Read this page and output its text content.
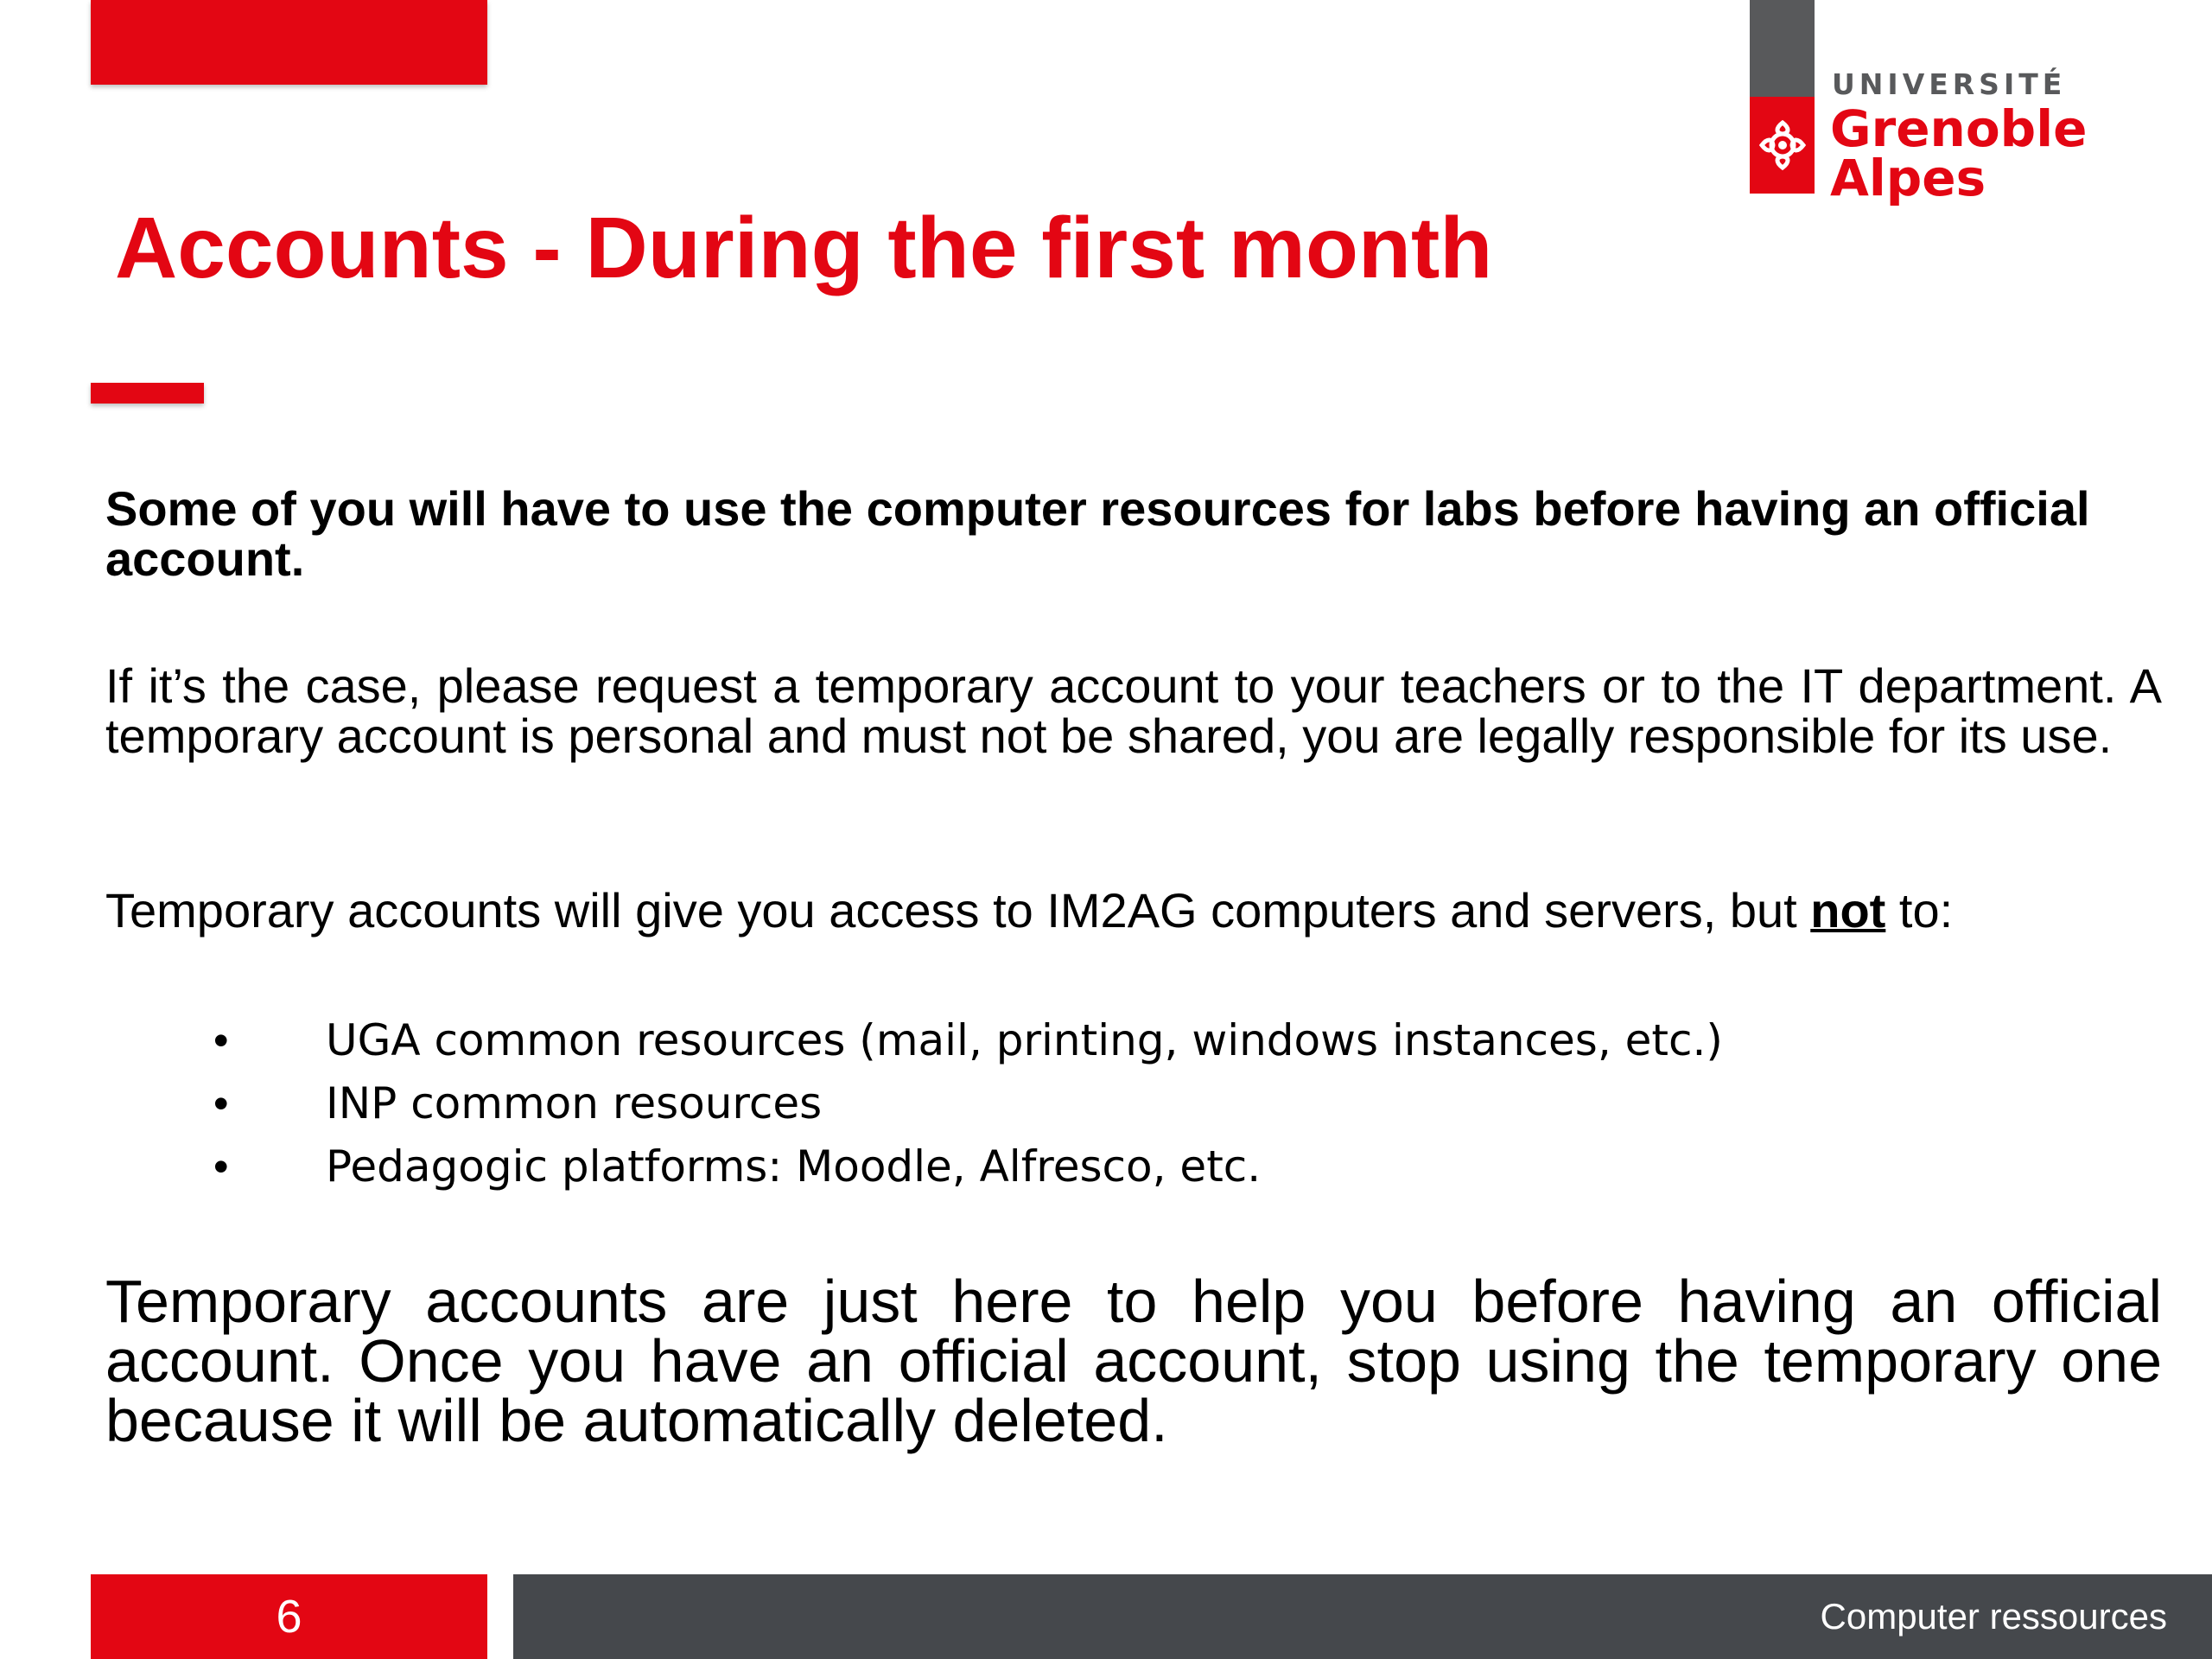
UNIVERSITÉ
Grenoble
Alpes
Accounts - During the first month

Some of you will have to use the computer resources for labs before having an official account.

If it’s the case, please request a temporary account to your teachers or to the IT department. A temporary account is personal and must not be shared, you are legally responsible for its use.

Temporary accounts will give you access to IM2AG computers and servers, but not to:

• UGA common resources (mail, printing, windows instances, etc.)
• INP common resources
• Pedagogic platforms: Moodle, Alfresco, etc.

Temporary accounts are just here to help you before having an official account. Once you have an official account, stop using the temporary one because it will be automatically deleted.

6	Computer ressources
